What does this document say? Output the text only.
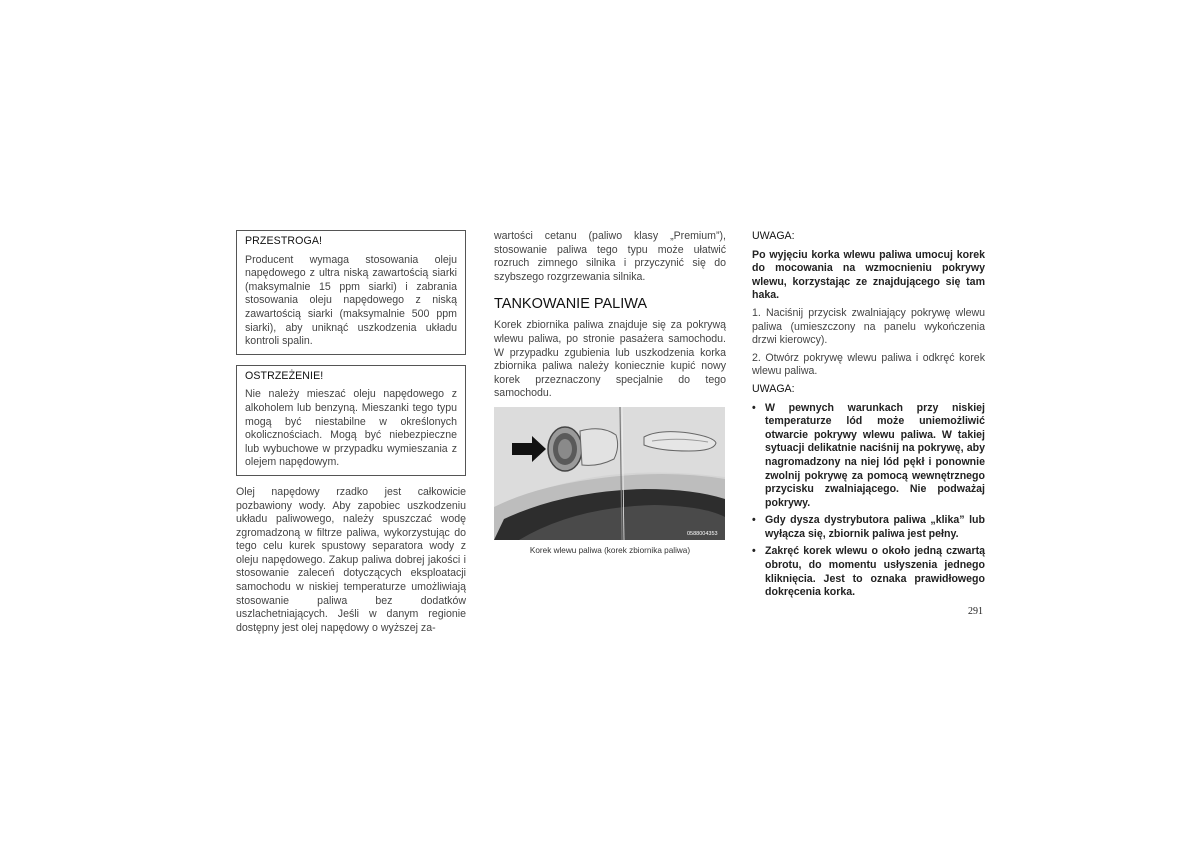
PRZESTROGA!
Producent wymaga stosowania oleju napędowego z ultra niską zawartością siarki (maksymalnie 15 ppm siarki) i zabrania stosowania oleju napędowego z niską zawartością siarki (maksymalnie 500 ppm siarki), aby uniknąć uszkodzenia układu kontroli spalin.
OSTRZEŻENIE!
Nie należy mieszać oleju napędowego z alkoholem lub benzyną. Mieszanki tego typu mogą być niestabilne w określonych okolicznościach. Mogą być niebezpieczne lub wybuchowe w przypadku wymieszania z olejem napędowym.

Olej napędowy rzadko jest całkowicie pozbawiony wody. Aby zapobiec uszkodzeniu układu paliwowego, należy spuszczać wodę zgromadzoną w filtrze paliwa, wykorzystując do tego celu kurek spustowy separatora wody z oleju napędowego. Zakup paliwa dobrej jakości i stosowanie zaleceń dotyczących eksploatacji samochodu w niskiej temperaturze umożliwiają stosowanie paliwa bez dodatków uszlachetniających. Jeśli w danym regionie dostępny jest olej napędowy o wyższej za-

wartości cetanu (paliwo klasy „Premium”), stosowanie paliwa tego typu może ułatwić rozruch zimnego silnika i przyczynić się do szybszego rozgrzewania silnika.

TANKOWANIE PALIWA

Korek zbiornika paliwa znajduje się za pokrywą wlewu paliwa, po stronie pasażera samochodu. W przypadku zgubienia lub uszkodzenia korka zbiornika paliwa należy koniecznie kupić nowy korek przeznaczony specjalnie do tego samochodu.

0588004353
Korek wlewu paliwa (korek zbiornika paliwa)
UWAGA:

Po wyjęciu korka wlewu paliwa umocuj korek do mocowania na wzmocnieniu pokrywy wlewu, korzystając ze znajdującego się tam haka.

1. Naciśnij przycisk zwalniający pokrywę wlewu paliwa (umieszczony na panelu wykończenia drzwi kierowcy).

2. Otwórz pokrywę wlewu paliwa i odkręć korek wlewu paliwa.

UWAGA:
• W pewnych warunkach przy niskiej temperaturze lód może uniemożliwić otwarcie pokrywy wlewu paliwa. W takiej sytuacji delikatnie naciśnij na pokrywę, aby nagromadzony na niej lód pękł i ponownie zwolnij pokrywę za pomocą wewnętrznego przycisku zwalniającego. Nie podważaj pokrywy.
• Gdy dysza dystrybutora paliwa „klika” lub wyłącza się, zbiornik paliwa jest pełny.
• Zakręć korek wlewu o około jedną czwartą obrotu, do momentu usłyszenia jednego kliknięcia. Jest to oznaka prawidłowego dokręcenia korka.
291
